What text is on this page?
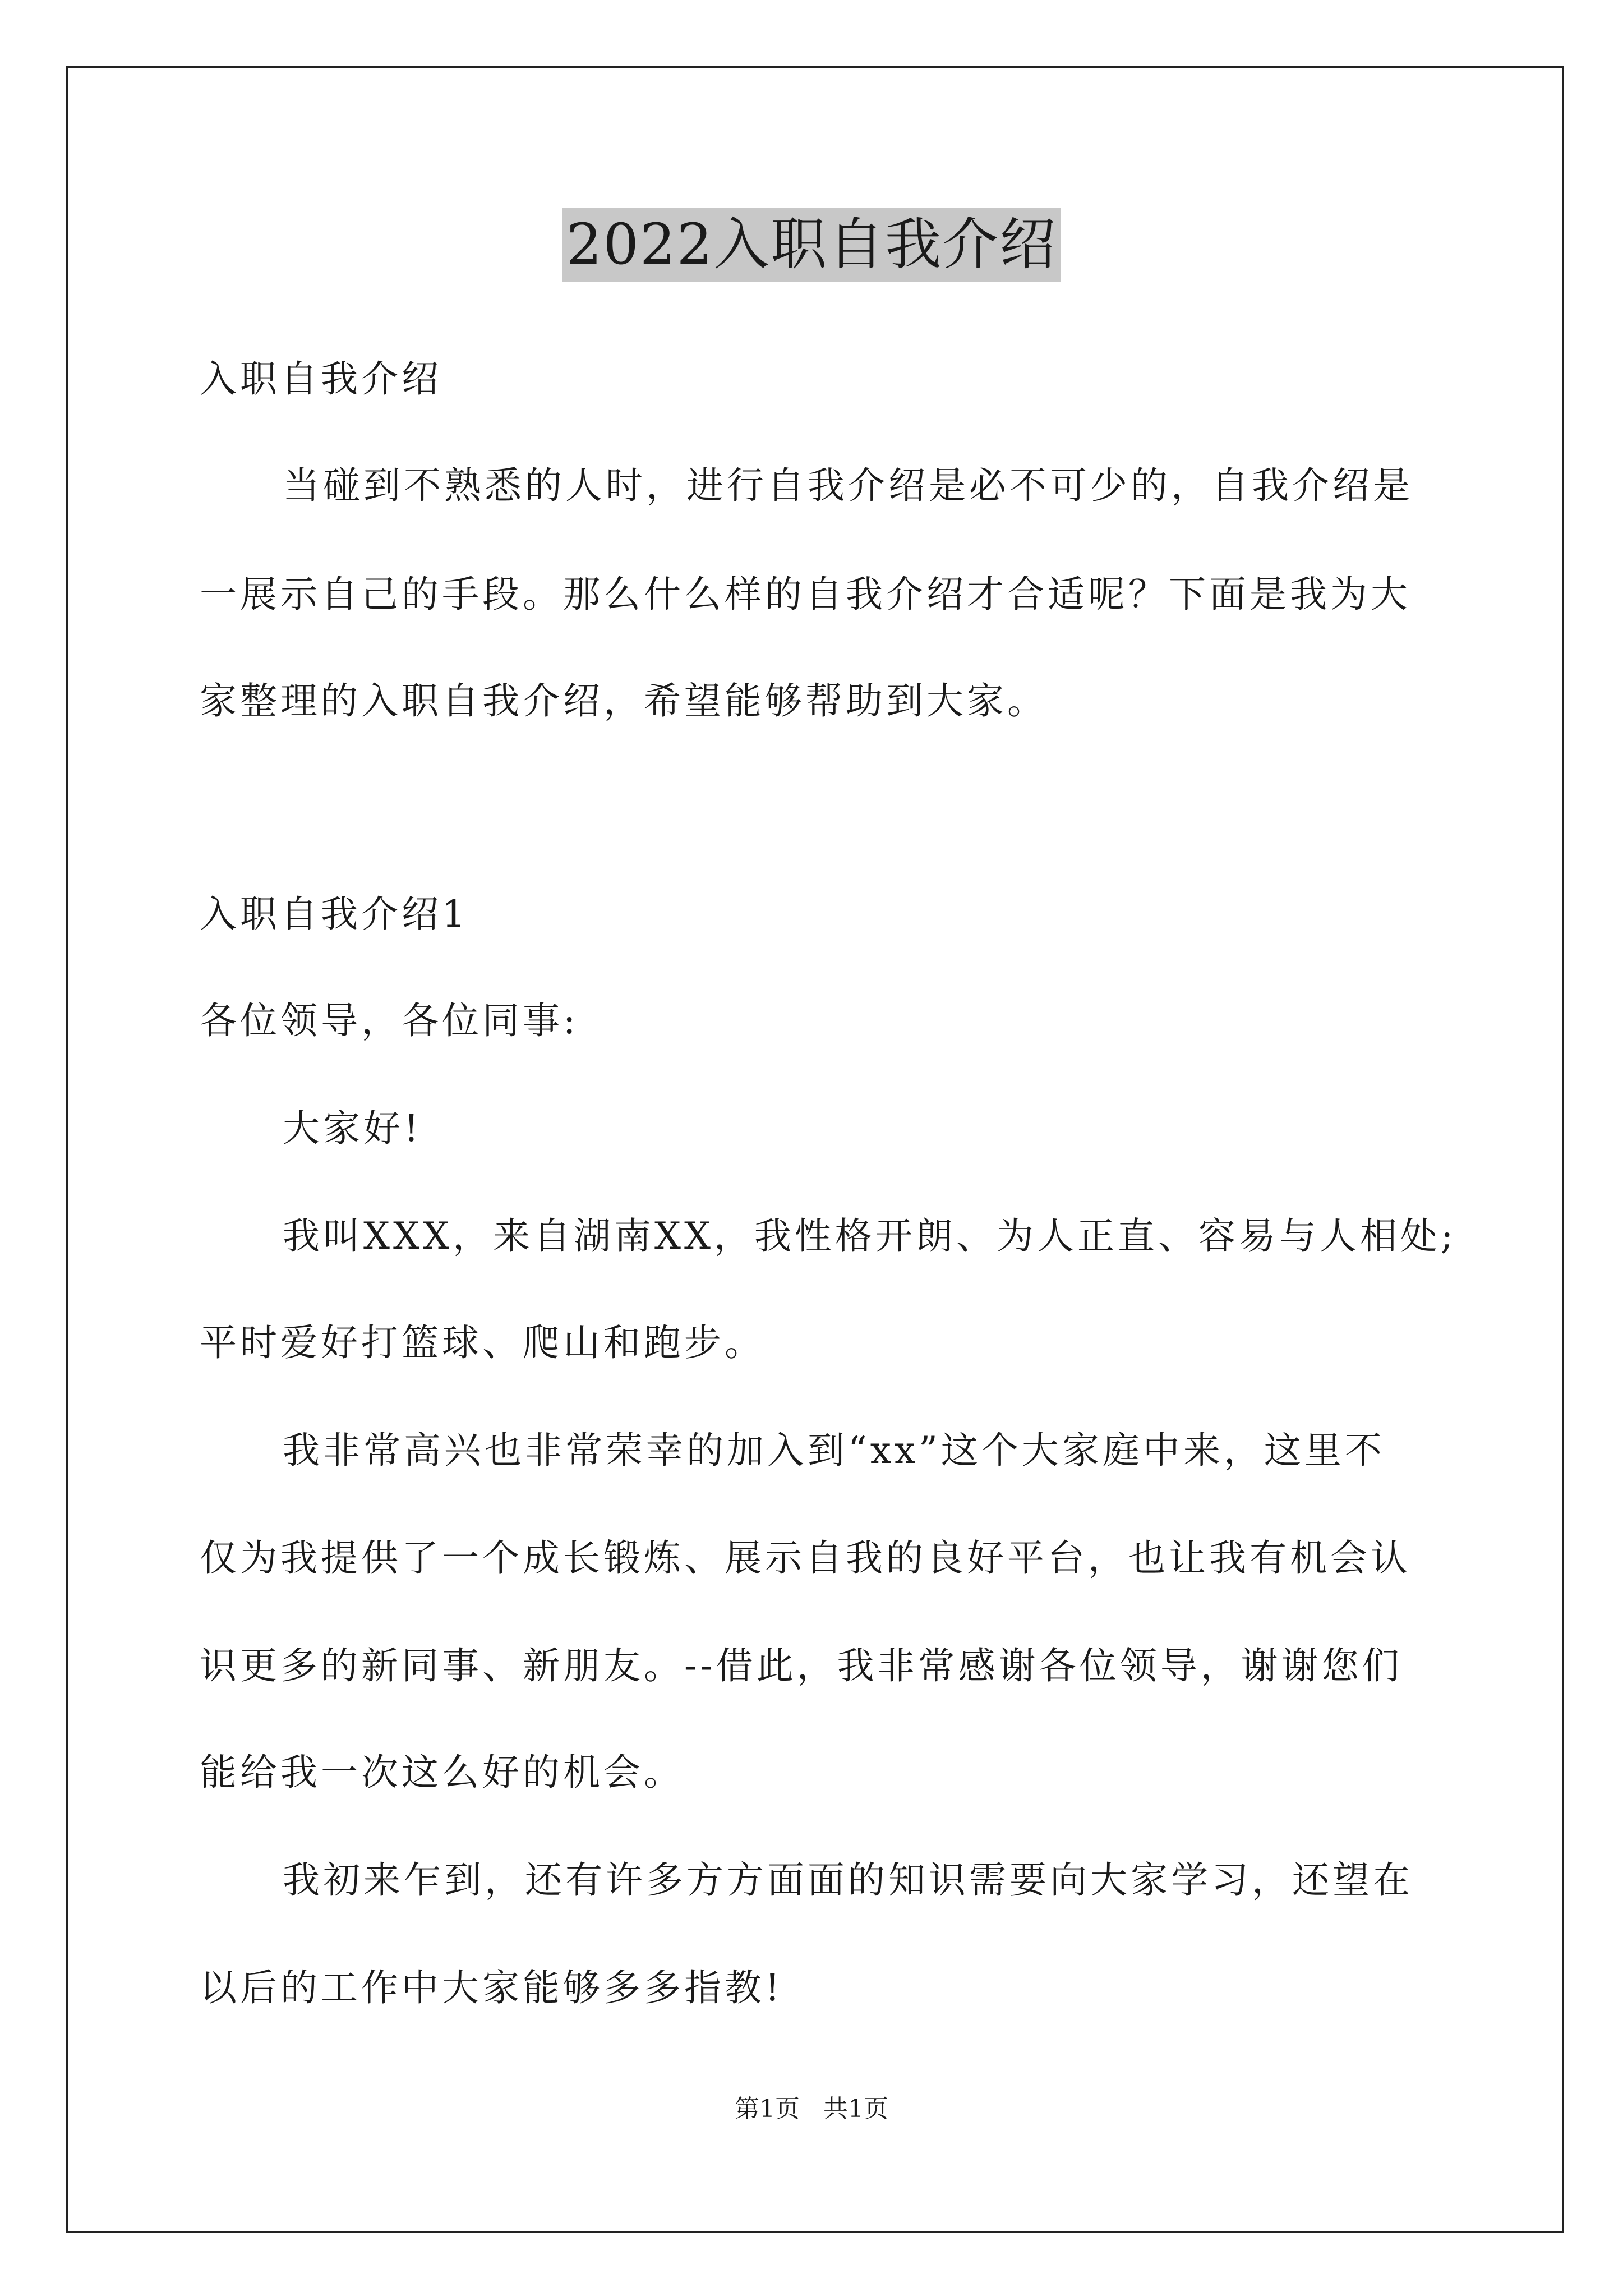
2022入职自我介绍
入职自我介绍
当碰到不熟悉的人时，进行自我介绍是必不可少的，自我介绍是
一展示自己的手段。那么什么样的自我介绍才合适呢？下面是我为大
家整理的入职自我介绍，希望能够帮助到大家。
入职自我介绍1
各位领导，各位同事:
大家好!
我叫XXX，来自湖南XX，我性格开朗、为人正直、容易与人相处;
平时爱好打篮球、爬山和跑步。
我非常高兴也非常荣幸的加入到“xx”这个大家庭中来，这里不
仅为我提供了一个成长锻炼、展示自我的良好平台，也让我有机会认
识更多的新同事、新朋友。--借此，我非常感谢各位领导，谢谢您们
能给我一次这么好的机会。
我初来乍到，还有许多方方面面的知识需要向大家学习，还望在
以后的工作中大家能够多多指教!
第1页   共1页
